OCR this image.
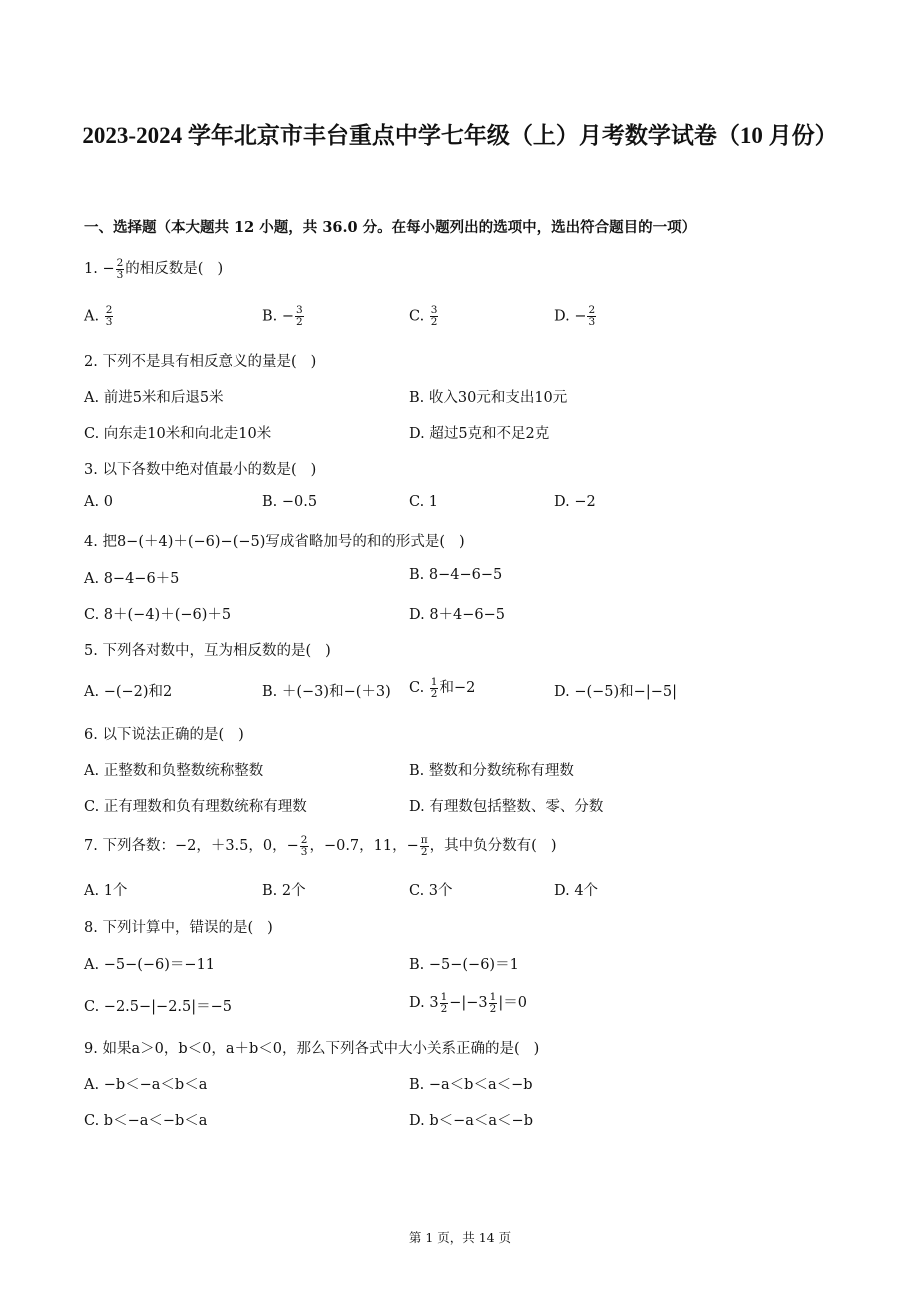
2023-2024 学年北京市丰台重点中学七年级（上）月考数学试卷（10 月份）
一、选择题（本大题共 12 小题，共 36.0 分。在每小题列出的选项中，选出符合题目的一项）
1. − $\frac{2}{3}$ 的相反数是( )
A. $\frac{2}{3}$	B. − $\frac{3}{2}$	C. $\frac{3}{2}$	D. − $\frac{2}{3}$
2. 下列不是具有相反意义的量是( )
A. 前进5米和后退5米	B. 收入30元和支出10元
C. 向东走10米和向北走10米	D. 超过5克和不足2克
3. 以下各数中绝对值最小的数是( )
A. 0	B. −0.5	C. 1	D. −2
4. 把8−(＋4)＋(−6)−(−5)写成省略加号的和的形式是( )
A. 8−4−6＋5	B. 8−4−6−5
C. 8＋(−4)＋(−6)＋5	D. 8＋4−6−5
5. 下列各对数中，互为相反数的是( )
A. −(−2)和2	B. ＋(−3)和−(＋3) C. $\frac{1}{2}$ 和−2	D. −(−5)和−|−5|
6. 以下说法正确的是( )
A. 正整数和负整数统称整数	B. 整数和分数统称有理数
C. 正有理数和负有理数统称有理数	D. 有理数包括整数、零、分数
7. 下列各数：−2，＋3.5，0，− $\frac{2}{3}$ ，−0.7，11，− $\frac{\pi}{2}$ ，其中负分数有( )
A. 1个	B. 2个	C. 3个	D. 4个
8. 下列计算中，错误的是( )
A. −5−(−6)＝−11	B. −5−(−6)＝1
C. −2.5−|−2.5|＝−5	D. $3 \frac{1}{2} -|-3 \frac{1}{2} |=0$
9. 如果a＞0，b＜0，a＋b＜0，那么下列各式中大小关系正确的是( )
A. −b＜−a＜b＜a	B. −a＜b＜a＜−b
C. b＜−a＜−b＜a	D. b＜−a＜a＜−b
第 1 页，共 14 页
